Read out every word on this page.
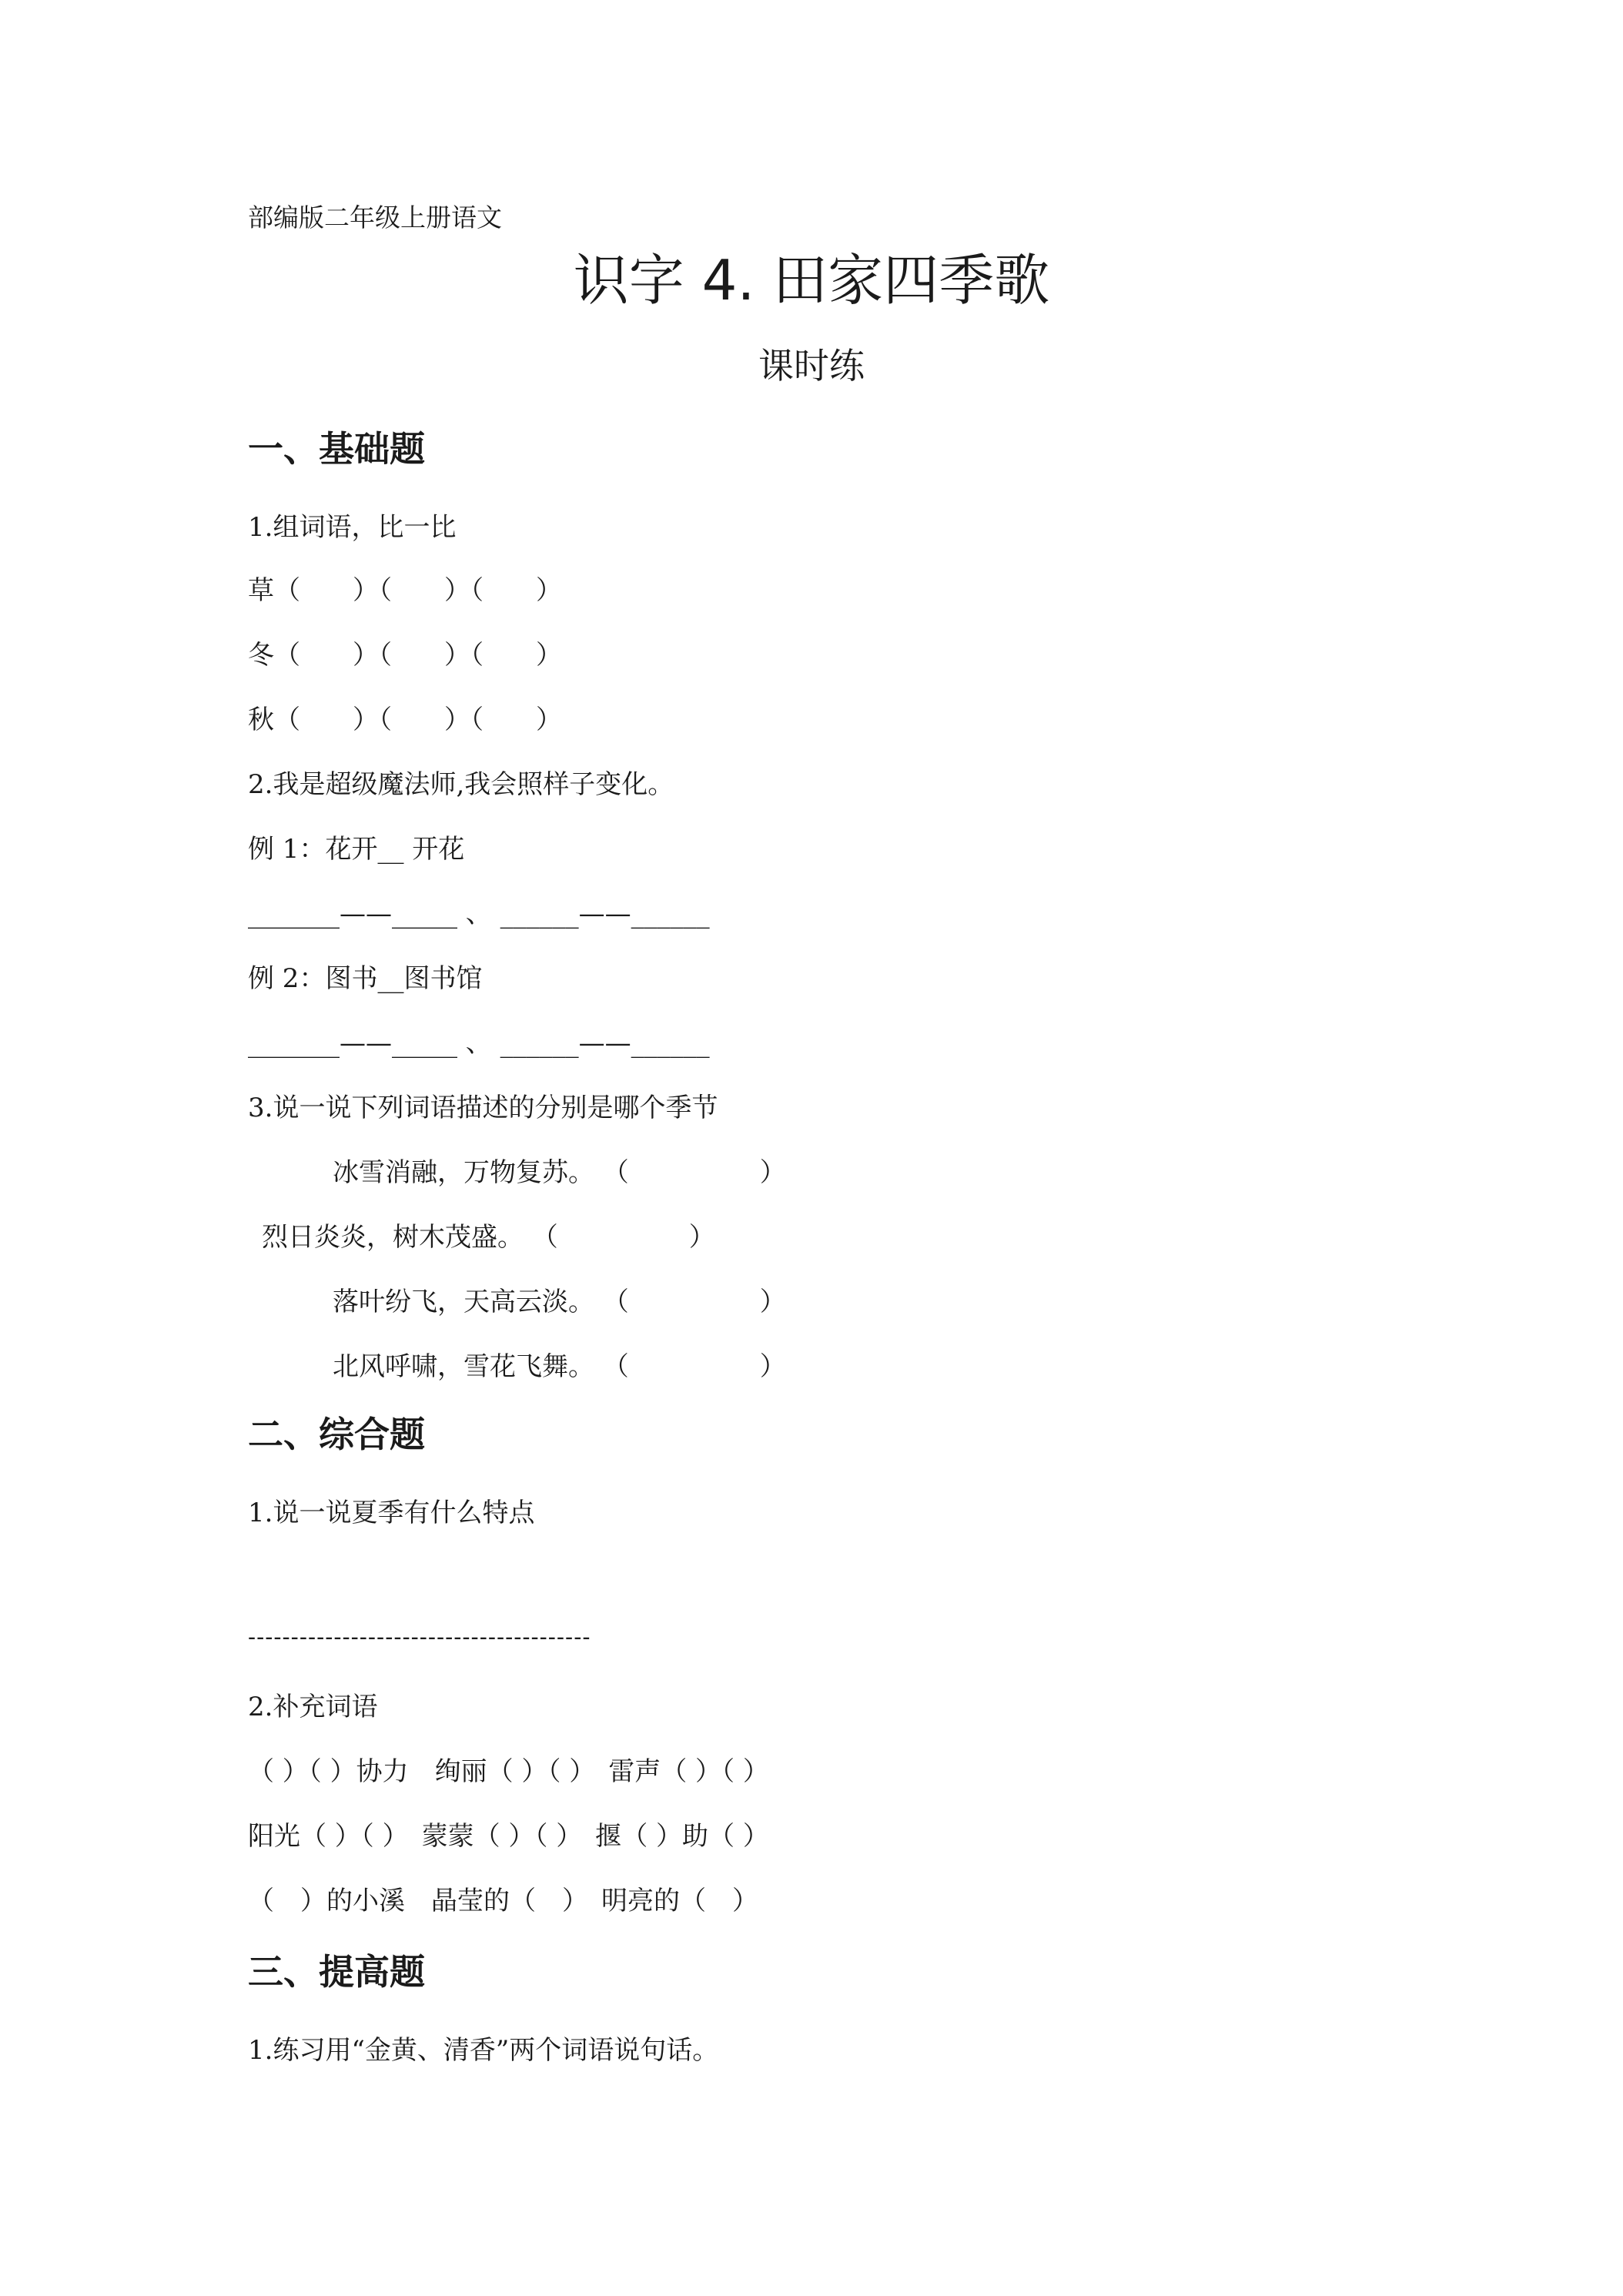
部编版二年级上册语文
识字 4. 田家四季歌
课时练
一、基础题
1.组词语，比一比
草（　　）（　　）（　　）
冬（　　）（　　）（　　）
秋（　　）（　　）（　　）
2.我是超级魔法师,我会照样子变化。
例 1：花开__ 开花
_______——_____ 、 ______——______
例 2：图书__图书馆
_______——_____ 、 ______——______
3.说一说下列词语描述的分别是哪个季节
冰雪消融，万物复苏。 （　　　　　）
烈日炎炎，树木茂盛。 （　　　　　）
落叶纷飞，天高云淡。 （　　　　　）
北风呼啸，雪花飞舞。 （　　　　　）
二、综合题
1.说一说夏季有什么特点
----------------------------------------
2.补充词语
（ ）（ ）协力　绚丽（ ）（ ）　雷声（ ）（ ）
阳光（ ）（ ）　蒙蒙（ ）（ ）　揠（ ）助（ ）
（　）的小溪　晶莹的（　）　明亮的（　）
三、提高题
1.练习用“金黄、清香”两个词语说句话。
